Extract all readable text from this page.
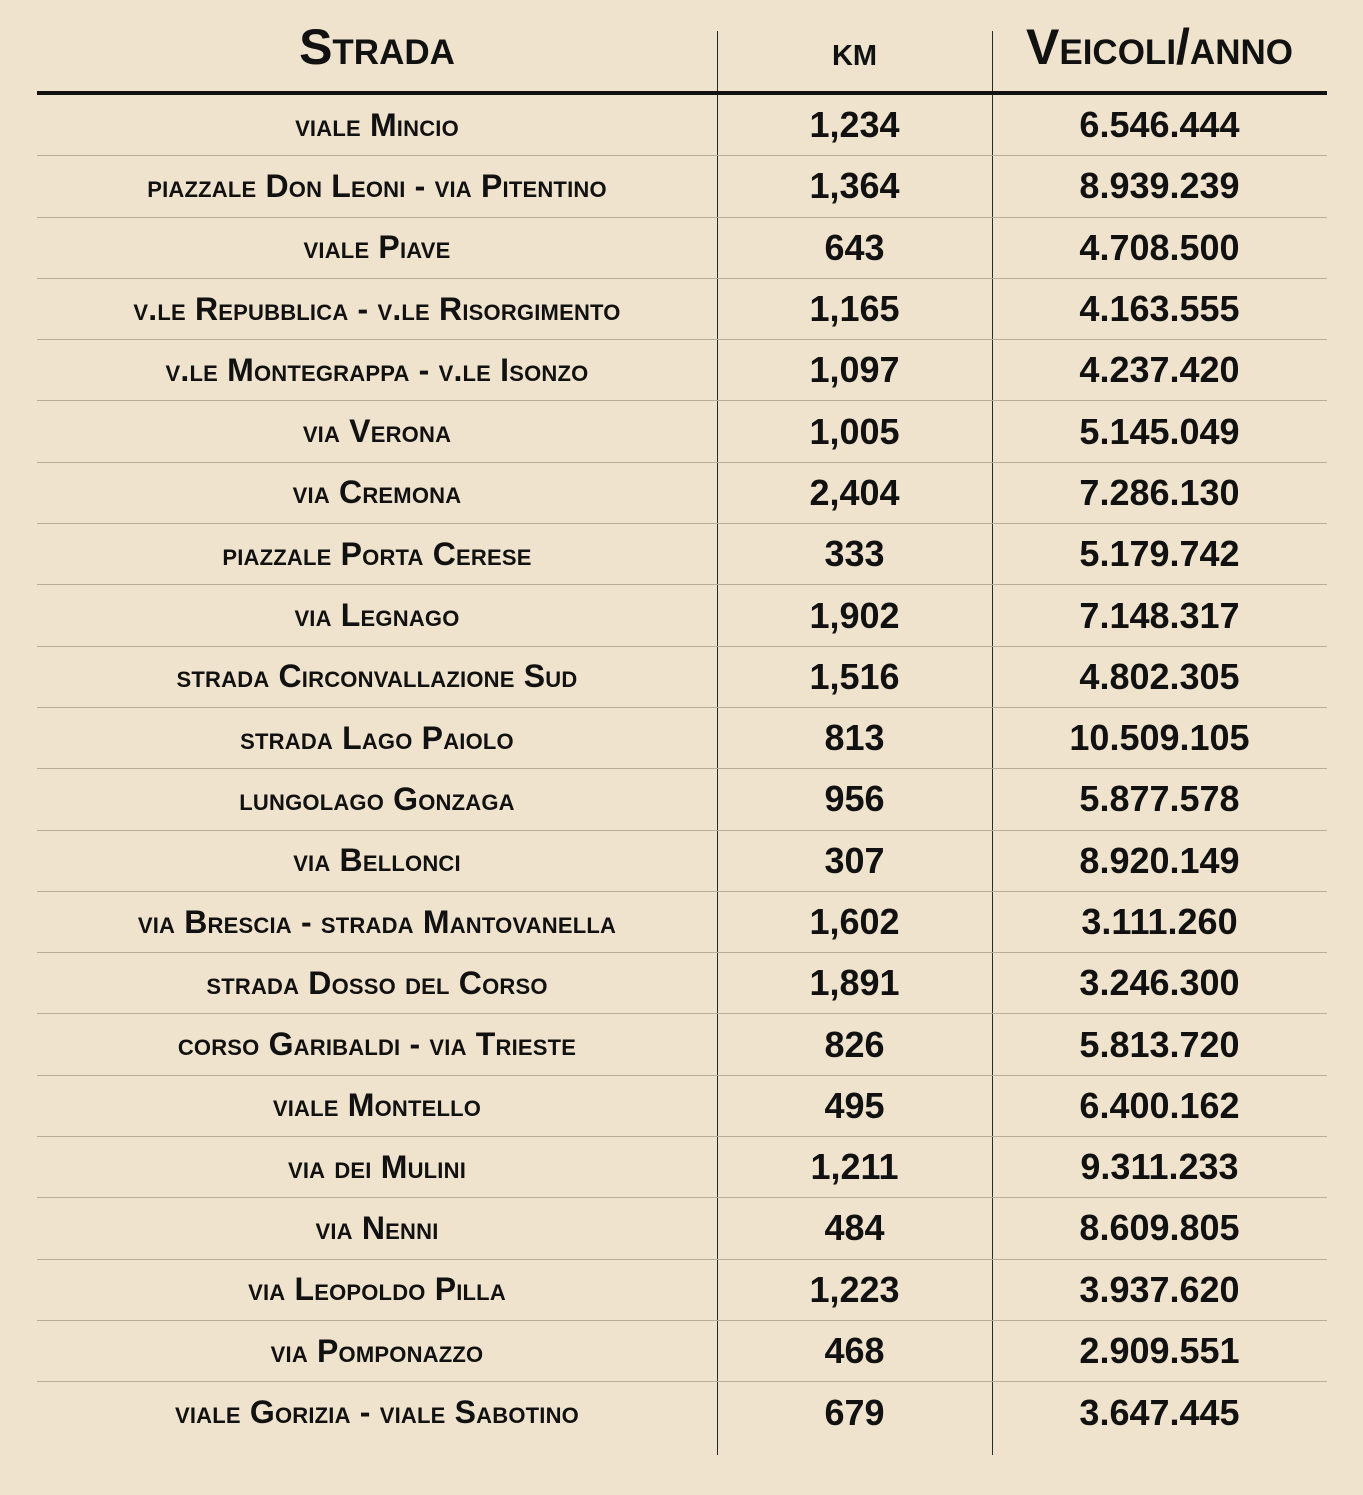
Strada	km	Veicoli/anno
viale Mincio	1,234	6.546.444
piazzale Don Leoni - via Pitentino	1,364	8.939.239
viale Piave	643	4.708.500
v.le Repubblica - v.le Risorgimento	1,165	4.163.555
v.le Montegrappa - v.le Isonzo	1,097	4.237.420
via Verona	1,005	5.145.049
via Cremona	2,404	7.286.130
piazzale Porta Cerese	333	5.179.742
via Legnago	1,902	7.148.317
strada Circonvallazione Sud	1,516	4.802.305
strada Lago Paiolo	813	10.509.105
lungolago Gonzaga	956	5.877.578
via Bellonci	307	8.920.149
via Brescia - strada Mantovanella	1,602	3.111.260
strada Dosso del Corso	1,891	3.246.300
corso Garibaldi - via Trieste	826	5.813.720
viale Montello	495	6.400.162
via dei Mulini	1,211	9.311.233
via Nenni	484	8.609.805
via Leopoldo Pilla	1,223	3.937.620
via Pomponazzo	468	2.909.551
viale Gorizia - viale Sabotino	679	3.647.445
